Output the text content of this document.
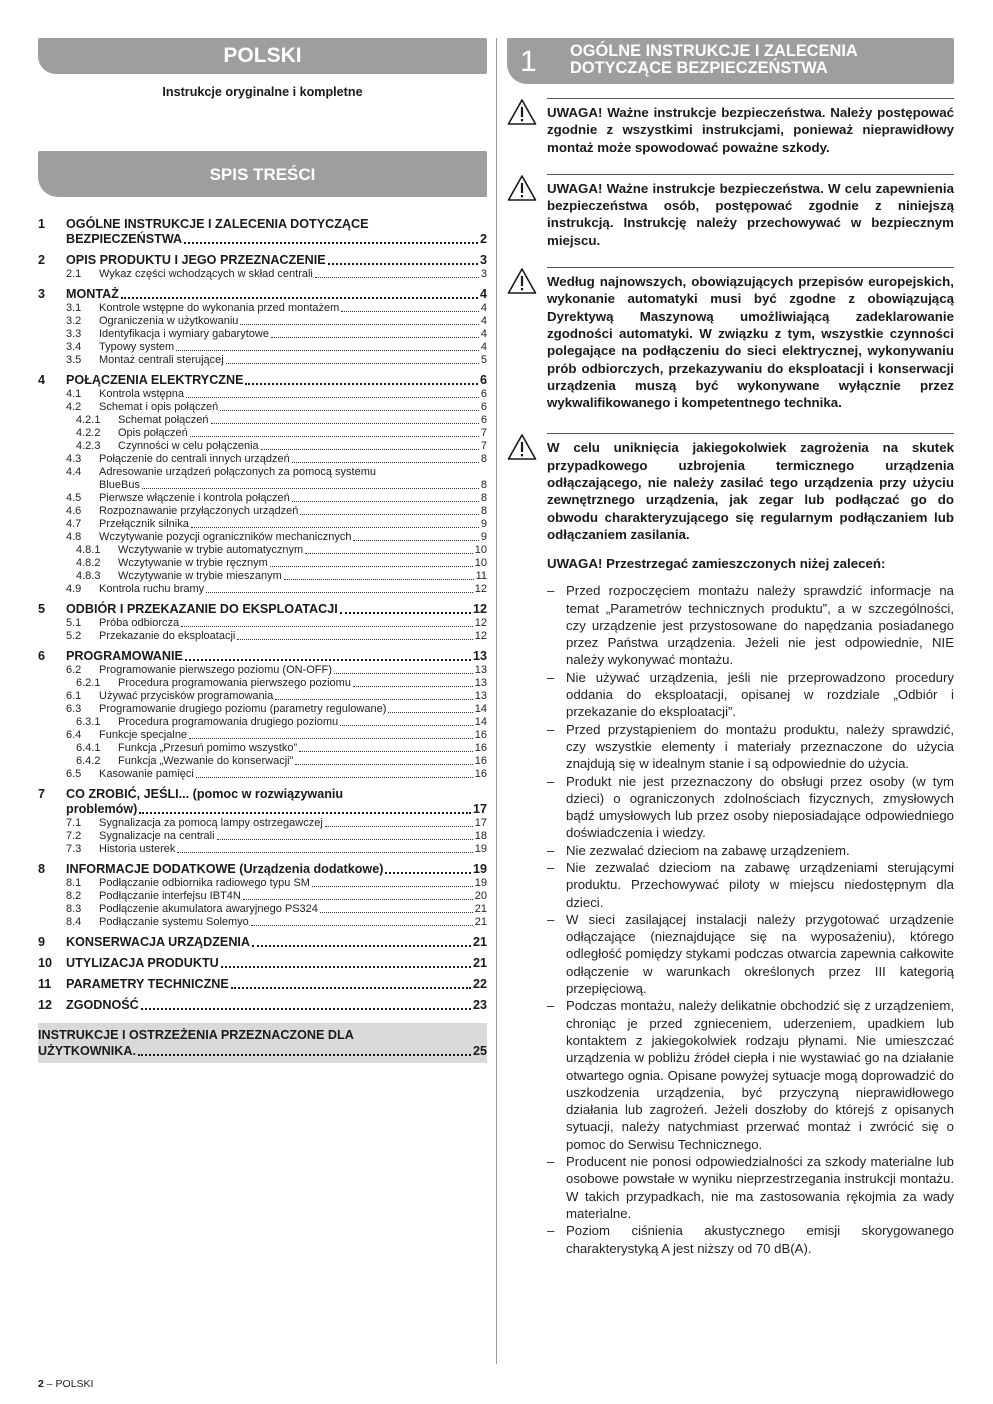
POLSKI
Instrukcje oryginalne i kompletne
SPIS TREŚCI
1 OGÓLNE INSTRUKCJE I ZALECENIA DOTYCZĄCE
BEZPIECZEŃSTWA	2
2 OPIS PRODUKTU I JEGO PRZEZNACZENIE	3
2.1	Wykaz części wchodzących w skład centrali	3
3 MONTAŻ	4
3.1	Kontrole wstępne do wykonania przed montażem	4
3.2	Ograniczenia w użytkowaniu	4
3.3	Identyfikacja i wymiary gabarytowe	4
3.4	Typowy system	4
3.5	Montaż centrali sterującej	5
4 POŁĄCZENIA ELEKTRYCZNE	6
4.1	Kontrola wstępna	6
4.2	Schemat i opis połączeń	6
4.2.1	Schemat połączeń	6
4.2.2	Opis połączeń	7
4.2.3	Czynności w celu połączenia	7
4.3	Połączenie do centrali innych urządzeń	8
4.4	Adresowanie urządzeń połączonych za pomocą systemu
BlueBus	8
4.5	Pierwsze włączenie i kontrola połączeń	8
4.6	Rozpoznawanie przyłączonych urządzeń	8
4.7	Przełącznik silnika	9
4.8	Wczytywanie pozycji ograniczników mechanicznych	9
4.8.1	Wczytywanie w trybie automatycznym	10
4.8.2	Wczytywanie w trybie ręcznym	10
4.8.3	Wczytywanie w trybie mieszanym	11
4.9	Kontrola ruchu bramy	12
5 ODBIÓR I PRZEKAZANIE DO EKSPLOATACJI	12
5.1	Próba odbiorcza	12
5.2	Przekazanie do eksploatacji	12
6 PROGRAMOWANIE	13
6.2	Programowanie pierwszego poziomu (ON-OFF)	13
6.2.1	Procedura programowania pierwszego poziomu	13
6.1	Używać przycisków programowania	13
6.3	Programowanie drugiego poziomu (parametry regulowane)	14
6.3.1	Procedura programowania drugiego poziomu	14
6.4	Funkcje specjalne	16
6.4.1	Funkcja „Przesuń pomimo wszystko”	16
6.4.2	Funkcja „Wezwanie do konserwacji”	16
6.5	Kasowanie pamięci	16
7 CO ZROBIĆ, JEŚLI... (pomoc w rozwiązywaniu
problemów)	17
7.1	Sygnalizacja za pomocą lampy ostrzegawczej	17
7.2	Sygnalizacje na centrali	18
7.3	Historia usterek	19
8 INFORMACJE DODATKOWE (Urządzenia dodatkowe)	19
8.1	Podłączanie odbiornika radiowego typu SM	19
8.2	Podłączanie interfejsu IBT4N	20
8.3	Podłączenie akumulatora awaryjnego PS324	21
8.4	Podłączanie systemu Solemyo	21
9 KONSERWACJA URZĄDZENIA	21
10 UTYLIZACJA PRODUKTU	21
11 PARAMETRY TECHNICZNE	22
12 ZGODNOŚĆ	23
INSTRUKCJE I OSTRZEŻENIA PRZEZNACZONE DLA
UŻYTKOWNIKA.	25
1 OGÓLNE INSTRUKCJE I ZALECENIA
DOTYCZĄCE BEZPIECZEŃSTWA
UWAGA! Ważne instrukcje bezpieczeństwa. Należy postępować zgodnie z wszystkimi instrukcjami, ponieważ nieprawidłowy montaż może spowodować poważne szkody.
UWAGA! Ważne instrukcje bezpieczeństwa. W celu zapewnienia bezpieczeństwa osób, postępować zgodnie z niniejszą instrukcją. Instrukcję należy przechowywać w bezpiecznym miejscu.
Według najnowszych, obowiązujących przepisów europejskich, wykonanie automatyki musi być zgodne z obowiązującą Dyrektywą Maszynową umożliwiającą zadeklarowanie zgodności automatyki. W związku z tym, wszystkie czynności polegające na podłączeniu do sieci elektrycznej, wykonywaniu prób odbiorczych, przekazywaniu do eksploatacji i konserwacji urządzenia muszą być wykonywane wyłącznie przez wykwalifikowanego i kompetentnego technika.
W celu uniknięcia jakiegokolwiek zagrożenia na skutek przypadkowego uzbrojenia termicznego urządzenia odłączającego, nie należy zasilać tego urządzenia przy użyciu zewnętrznego urządzenia, jak zegar lub podłączać go do obwodu charakteryzującego się regularnym podłączaniem lub odłączaniem zasilania.
UWAGA! Przestrzegać zamieszczonych niżej zaleceń:
– Przed rozpoczęciem montażu należy sprawdzić informacje na temat „Parametrów technicznych produktu”, a w szczególności, czy urządzenie jest przystosowane do napędzania posiadanego przez Państwa urządzenia. Jeżeli nie jest odpowiednie, NIE należy wykonywać montażu.
– Nie używać urządzenia, jeśli nie przeprowadzono procedury oddania do eksploatacji, opisanej w rozdziale „Odbiór i przekazanie do eksploatacji”.
– Przed przystąpieniem do montażu produktu, należy sprawdzić, czy wszystkie elementy i materiały przeznaczone do użycia znajdują się w idealnym stanie i są odpowiednie do użycia.
– Produkt nie jest przeznaczony do obsługi przez osoby (w tym dzieci) o ograniczonych zdolnościach fizycznych, zmysłowych bądź umysłowych lub przez osoby nieposiadające odpowiedniego doświadczenia i wiedzy.
– Nie zezwalać dzieciom na zabawę urządzeniem.
– Nie zezwalać dzieciom na zabawę urządzeniami sterującymi produktu. Przechowywać piloty w miejscu niedostępnym dla dzieci.
– W sieci zasilającej instalacji należy przygotować urządzenie odłączające (nieznajdujące się na wyposażeniu), którego odległość pomiędzy stykami podczas otwarcia zapewnia całkowite odłączenie w warunkach określonych przez III kategorią przepięciową.
– Podczas montażu, należy delikatnie obchodzić się z urządzeniem, chroniąc je przed zgnieceniem, uderzeniem, upadkiem lub kontaktem z jakiegokolwiek rodzaju płynami. Nie umieszczać urządzenia w pobliżu źródeł ciepła i nie wystawiać go na działanie otwartego ognia. Opisane powyżej sytuacje mogą doprowadzić do uszkodzenia urządzenia, być przyczyną nieprawidłowego działania lub zagrożeń. Jeżeli doszłoby do którejś z opisanych sytuacji, należy natychmiast przerwać montaż i zwrócić się o pomoc do Serwisu Technicznego.
– Producent nie ponosi odpowiedzialności za szkody materialne lub osobowe powstałe w wyniku nieprzestrzegania instrukcji montażu. W takich przypadkach, nie ma zastosowania rękojmia za wady materialne.
– Poziom ciśnienia akustycznego emisji skorygowanego charakterystyką A jest niższy od 70 dB(A).
2 – POLSKI
